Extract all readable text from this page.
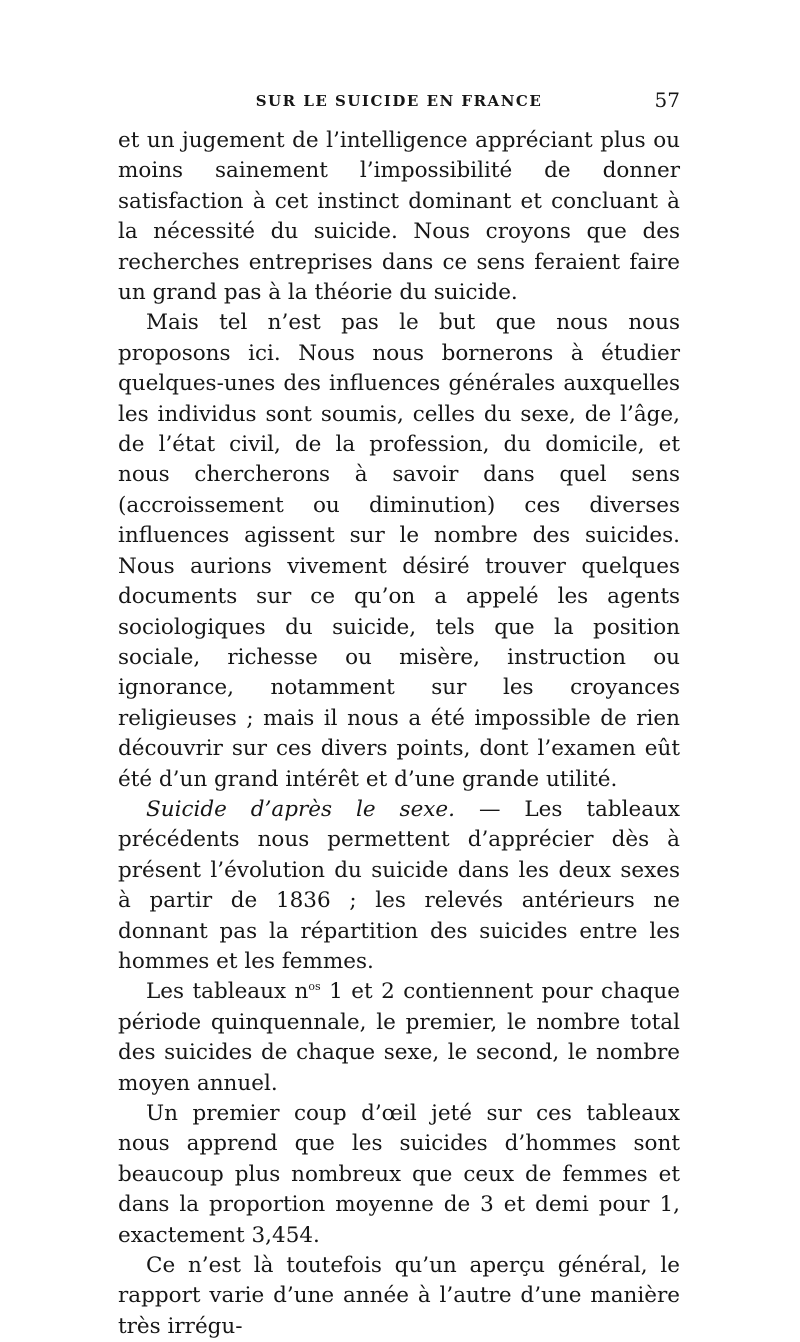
SUR LE SUICIDE EN FRANCE	57

et un jugement de l’intelligence appréciant plus ou moins sainement l’impossibilité de donner satisfaction à cet instinct dominant et concluant à la nécessité du suicide. Nous croyons que des recherches entreprises dans ce sens feraient faire un grand pas à la théorie du suicide.

Mais tel n’est pas le but que nous nous proposons ici. Nous nous bornerons à étudier quelques-unes des influences générales auxquelles les individus sont soumis, celles du sexe, de l’âge, de l’état civil, de la profession, du domicile, et nous chercherons à savoir dans quel sens (accroissement ou diminution) ces diverses influences agissent sur le nombre des suicides. Nous aurions vivement désiré trouver quelques documents sur ce qu’on a appelé les agents sociologiques du suicide, tels que la position sociale, richesse ou misère, instruction ou ignorance, notamment sur les croyances religieuses ; mais il nous a été impossible de rien découvrir sur ces divers points, dont l’examen eût été d’un grand intérêt et d’une grande utilité.

Suicide d’après le sexe. — Les tableaux précédents nous permettent d’apprécier dès à présent l’évolution du suicide dans les deux sexes à partir de 1836 ; les relevés antérieurs ne donnant pas la répartition des suicides entre les hommes et les femmes.

Les tableaux $n^{os}$ 1 et 2 contiennent pour chaque période quinquennale, le premier, le nombre total des suicides de chaque sexe, le second, le nombre moyen annuel.

Un premier coup d’œil jeté sur ces tableaux nous apprend que les suicides d’hommes sont beaucoup plus nombreux que ceux de femmes et dans la proportion moyenne de 3 et demi pour 1, exactement 3,454.

Ce n’est là toutefois qu’un aperçu général, le rapport varie d’une année à l’autre d’une manière très irrégu-
